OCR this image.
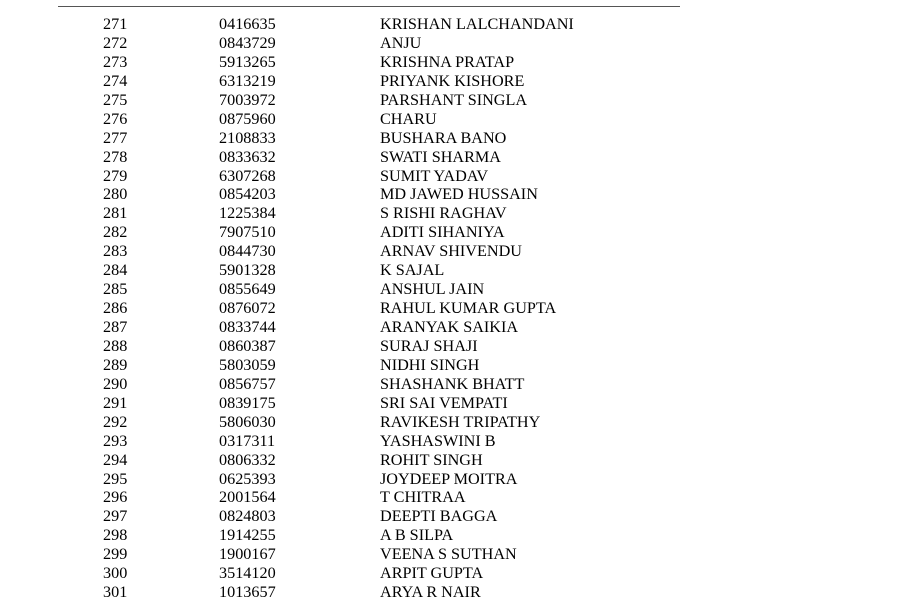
271	0416635	KRISHAN LALCHANDANI
272	0843729	ANJU
273	5913265	KRISHNA PRATAP
274	6313219	PRIYANK KISHORE
275	7003972	PARSHANT SINGLA
276	0875960	CHARU
277	2108833	BUSHARA BANO
278	0833632	SWATI SHARMA
279	6307268	SUMIT YADAV
280	0854203	MD JAWED HUSSAIN
281	1225384	S RISHI RAGHAV
282	7907510	ADITI SIHANIYA
283	0844730	ARNAV SHIVENDU
284	5901328	K SAJAL
285	0855649	ANSHUL JAIN
286	0876072	RAHUL KUMAR GUPTA
287	0833744	ARANYAK SAIKIA
288	0860387	SURAJ SHAJI
289	5803059	NIDHI SINGH
290	0856757	SHASHANK BHATT
291	0839175	SRI SAI VEMPATI
292	5806030	RAVIKESH TRIPATHY
293	0317311	YASHASWINI B
294	0806332	ROHIT SINGH
295	0625393	JOYDEEP MOITRA
296	2001564	T CHITRAA
297	0824803	DEEPTI BAGGA
298	1914255	A B SILPA
299	1900167	VEENA S SUTHAN
300	3514120	ARPIT GUPTA
301	1013657	ARYA R NAIR
